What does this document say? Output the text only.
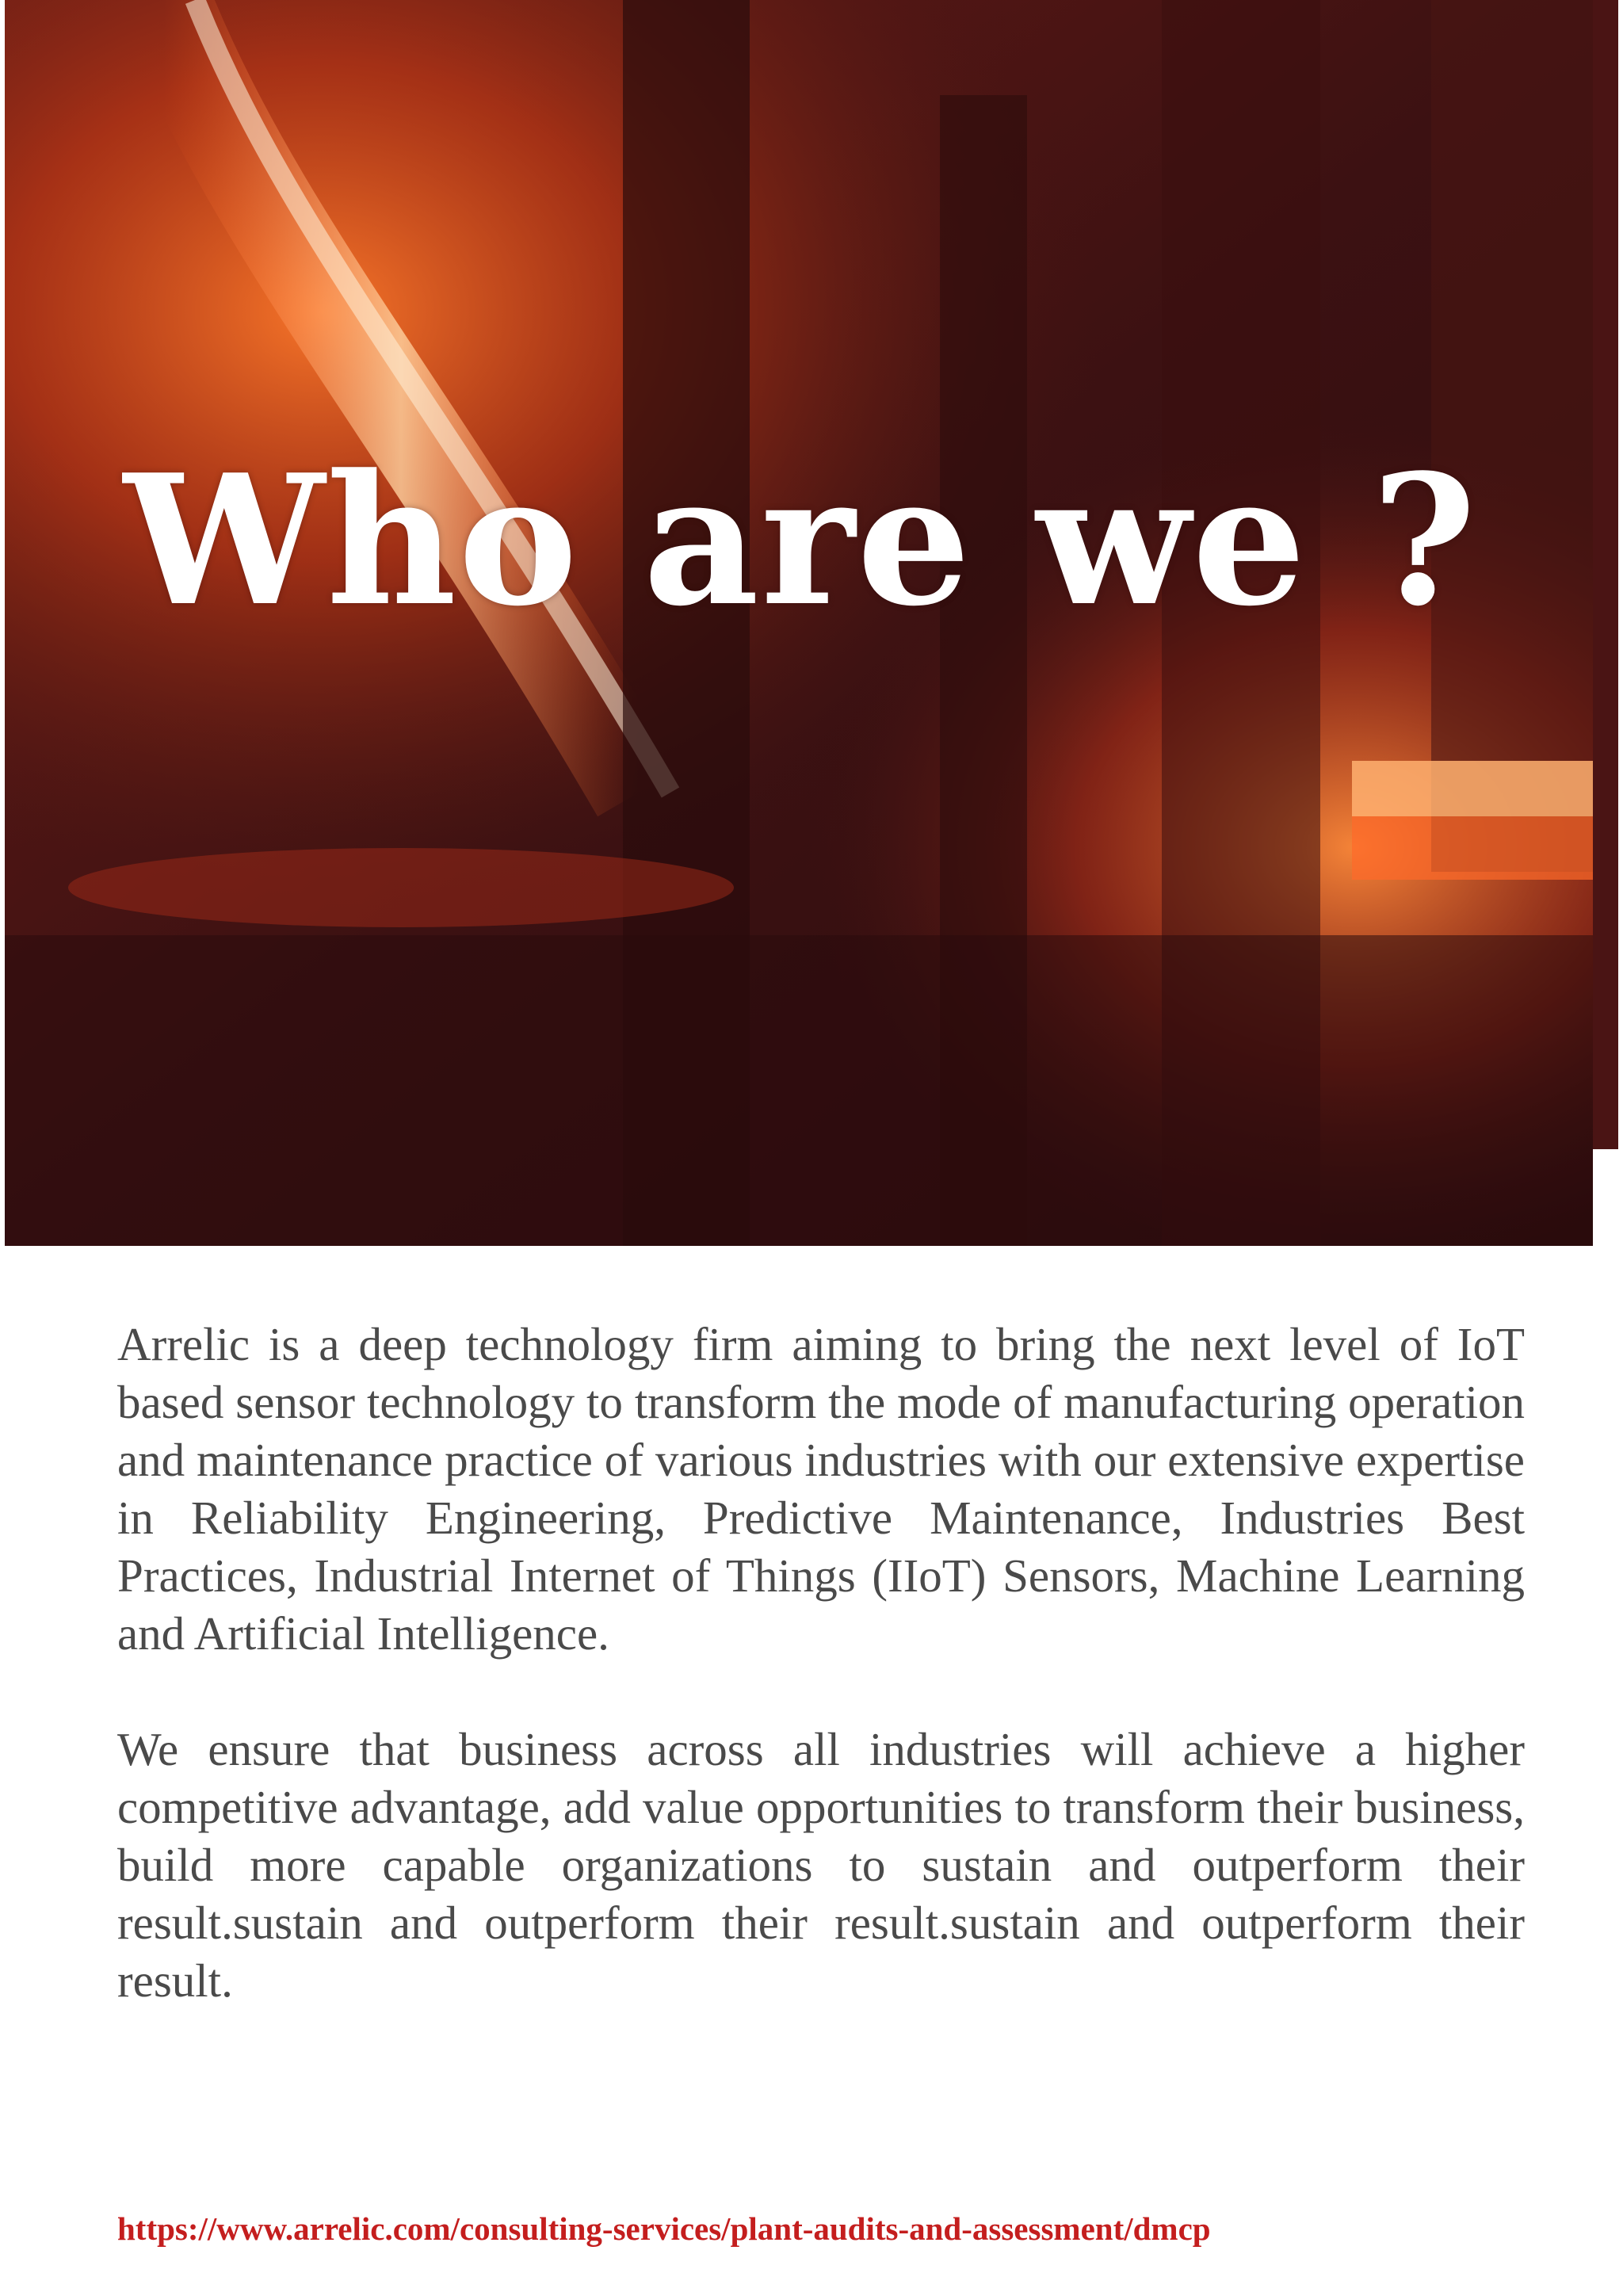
Who are we ?

Arrelic is a deep technology firm aiming to bring the next level of IoT based sensor technology to transform the mode of manufacturing operation and maintenance practice of various industries with our extensive expertise in Reliability Engineering, Predictive Maintenance, Industries Best Practices, Industrial Internet of Things (IIoT) Sensors, Machine Learning and Artificial Intelligence.

We ensure that business across all industries will achieve a higher competitive advantage, add value opportunities to transform their business, build more capable organizations to sustain and outperform their result.sustain and outperform their result.sustain and outperform their result.

https://www.arrelic.com/consulting-services/plant-audits-and-assessment/dmcp
